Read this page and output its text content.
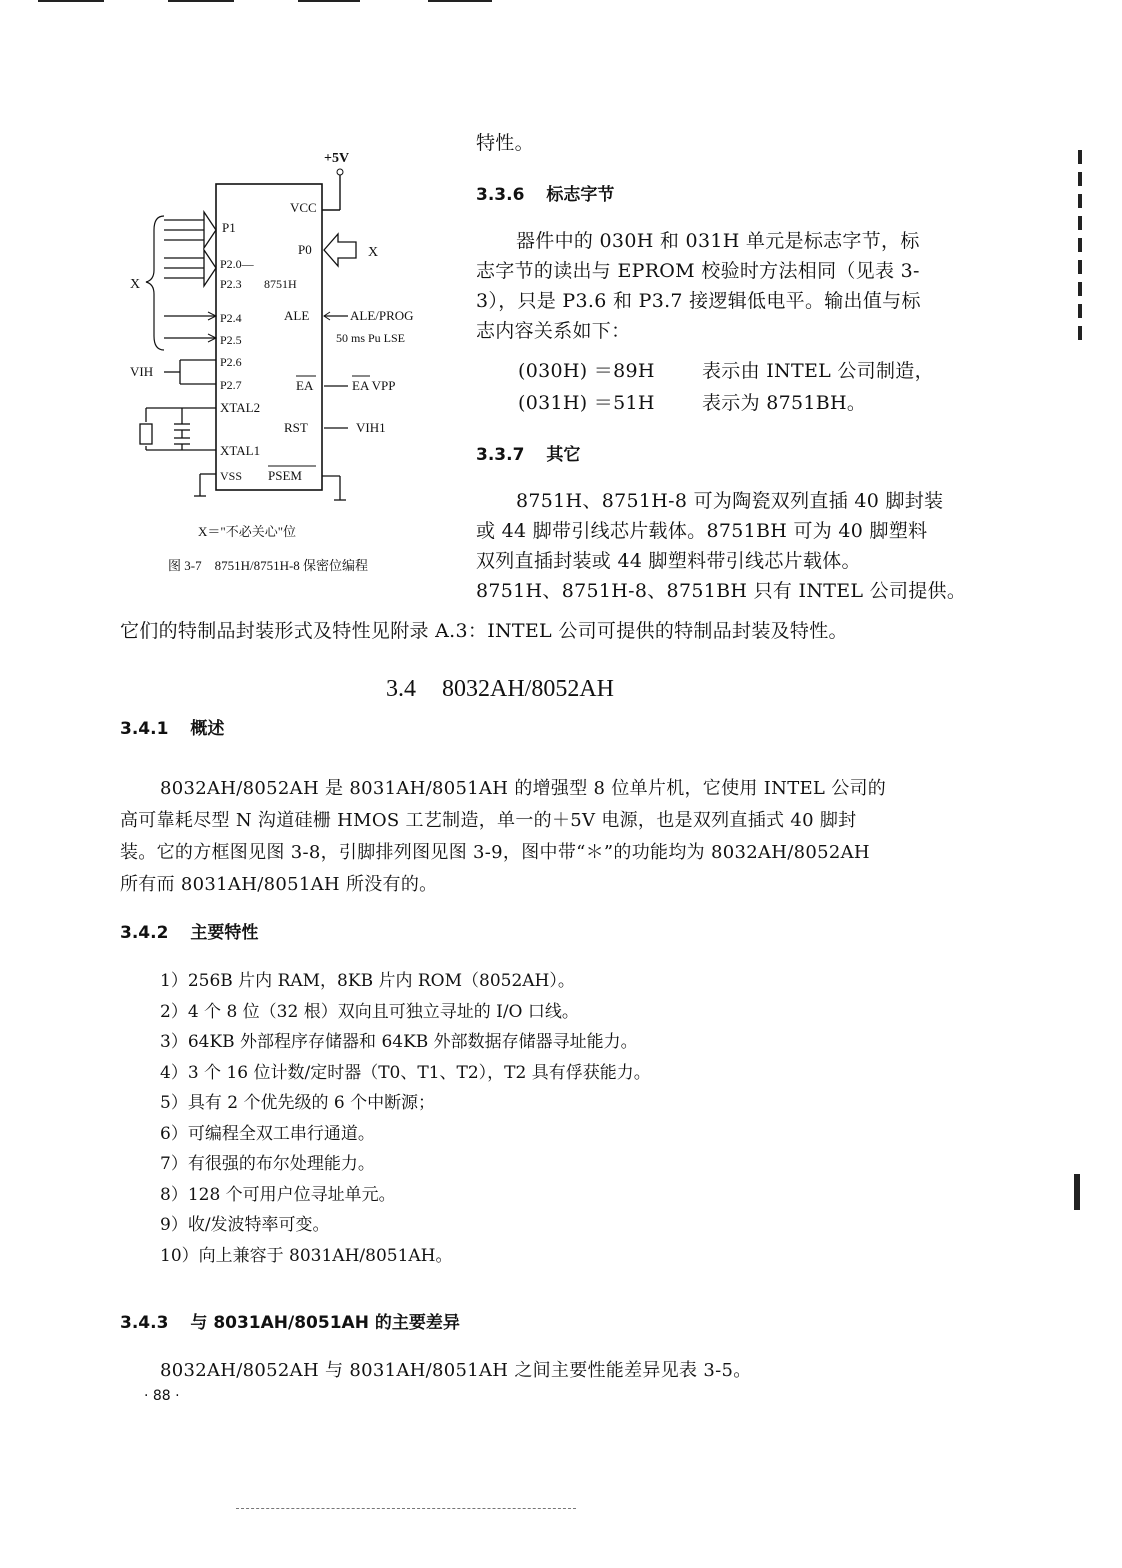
特性。
3.3.6 标志字节
器件中的 030H 和 031H 单元是标志字节，标
志字节的读出与 EPROM 校验时方法相同（见表 3-
3），只是 P3.6 和 P3.7 接逻辑低电平。输出值与标
志内容关系如下：
(030H) ＝89H 表示由 INTEL 公司制造，
(031H) ＝51H 表示为 8751BH。
3.3.7 其它
8751H、8751H-8 可为陶瓷双列直插 40 脚封装
或 44 脚带引线芯片载体。8751BH 可为 40 脚塑料
双列直插封装或 44 脚塑料带引线芯片载体。
8751H、8751H-8、8751BH 只有 INTEL 公司提供。
它们的特制品封装形式及特性见附录 A.3：INTEL 公司可提供的特制品封装及特性。
+5V
X
VIH
P1
P2.0—
P2.3 8751H
P2.4
P2.5
P2.6
P2.7
XTAL2
XTAL1
VSS
VCC
P0
ALE
EA
RST
PSEM
X
ALE/PROG
50 ms Pu LSE
EA VPP
VIH1
X＝"不必关心"位
图 3-7　8751H/8751H-8 保密位编程
3.4 8032AH/8052AH
3.4.1 概述
8032AH/8052AH 是 8031AH/8051AH 的增强型 8 位单片机，它使用 INTEL 公司的
高可靠耗尽型 N 沟道硅栅 HMOS 工艺制造，单一的＋5V 电源，也是双列直插式 40 脚封
装。它的方框图见图 3-8，引脚排列图见图 3-9，图中带“＊”的功能均为 8032AH/8052AH
所有而 8031AH/8051AH 所没有的。
3.4.2 主要特性
1）256B 片内 RAM，8KB 片内 ROM（8052AH）。
2）4 个 8 位（32 根）双向且可独立寻址的 I/O 口线。
3）64KB 外部程序存储器和 64KB 外部数据存储器寻址能力。
4）3 个 16 位计数/定时器（T0、T1、T2），T2 具有俘获能力。
5）具有 2 个优先级的 6 个中断源；
6）可编程全双工串行通道。
7）有很强的布尔处理能力。
8）128 个可用户位寻址单元。
9）收/发波特率可变。
10）向上兼容于 8031AH/8051AH。
3.4.3 与 8031AH/8051AH 的主要差异
8032AH/8052AH 与 8031AH/8051AH 之间主要性能差异见表 3-5。
· 88 ·
